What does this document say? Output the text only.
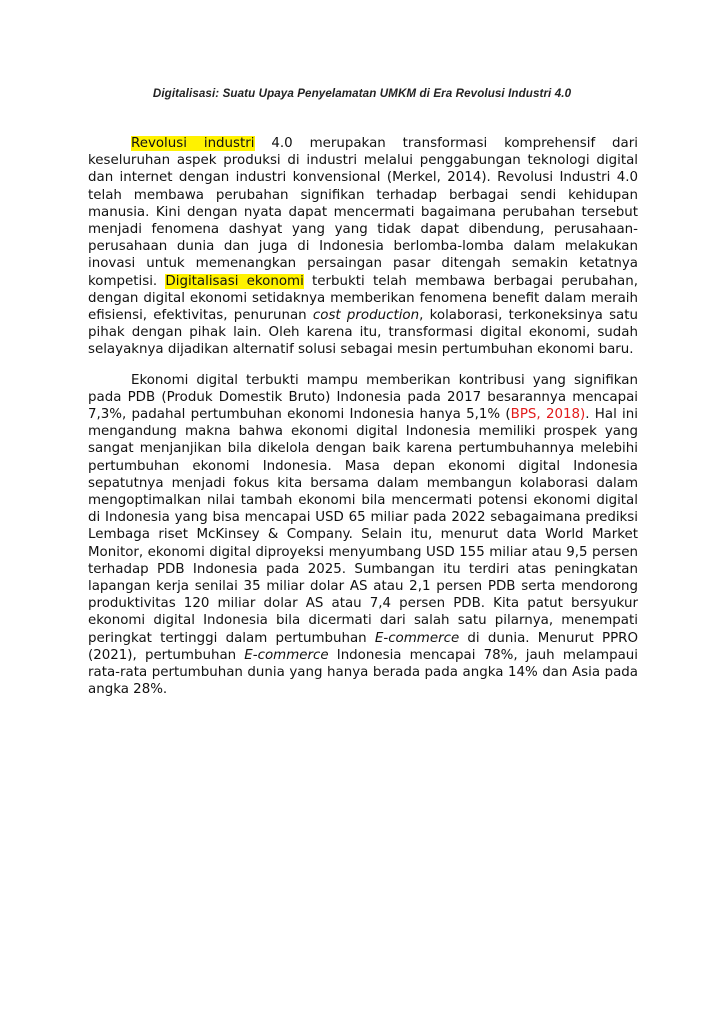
Digitalisasi: Suatu Upaya Penyelamatan UMKM di Era Revolusi Industri 4.0

Revolusi industri 4.0 merupakan transformasi komprehensif dari keseluruhan aspek produksi di industri melalui penggabungan teknologi digital dan internet dengan industri konvensional (Merkel, 2014). Revolusi Industri 4.0 telah membawa perubahan signifikan terhadap berbagai sendi kehidupan manusia. Kini dengan nyata dapat mencermati bagaimana perubahan tersebut menjadi fenomena dashyat yang yang tidak dapat dibendung, perusahaan-perusahaan dunia dan juga di Indonesia berlomba-lomba dalam melakukan inovasi untuk memenangkan persaingan pasar ditengah semakin ketatnya kompetisi. Digitalisasi ekonomi terbukti telah membawa berbagai perubahan, dengan digital ekonomi setidaknya memberikan fenomena benefit dalam meraih efisiensi, efektivitas, penurunan cost production, kolaborasi, terkoneksinya satu pihak dengan pihak lain. Oleh karena itu, transformasi digital ekonomi, sudah selayaknya dijadikan alternatif solusi sebagai mesin pertumbuhan ekonomi baru.

Ekonomi digital terbukti mampu memberikan kontribusi yang signifikan pada PDB (Produk Domestik Bruto) Indonesia pada 2017 besarannya mencapai 7,3%, padahal pertumbuhan ekonomi Indonesia hanya 5,1% (BPS, 2018). Hal ini mengandung makna bahwa ekonomi digital Indonesia memiliki prospek yang sangat menjanjikan bila dikelola dengan baik karena pertumbuhannya melebihi pertumbuhan ekonomi Indonesia. Masa depan ekonomi digital Indonesia sepatutnya menjadi fokus kita bersama dalam membangun kolaborasi dalam mengoptimalkan nilai tambah ekonomi bila mencermati potensi ekonomi digital di Indonesia yang bisa mencapai USD 65 miliar pada 2022 sebagaimana prediksi Lembaga riset McKinsey & Company. Selain itu, menurut data World Market Monitor, ekonomi digital diproyeksi menyumbang USD 155 miliar atau 9,5 persen terhadap PDB Indonesia pada 2025. Sumbangan itu terdiri atas peningkatan lapangan kerja senilai 35 miliar dolar AS atau 2,1 persen PDB serta mendorong produktivitas 120 miliar dolar AS atau 7,4 persen PDB. Kita patut bersyukur ekonomi digital Indonesia bila dicermati dari salah satu pilarnya, menempati peringkat tertinggi dalam pertumbuhan E-commerce di dunia. Menurut PPRO (2021), pertumbuhan E-commerce Indonesia mencapai 78%, jauh melampaui rata-rata pertumbuhan dunia yang hanya berada pada angka 14% dan Asia pada angka 28%.
